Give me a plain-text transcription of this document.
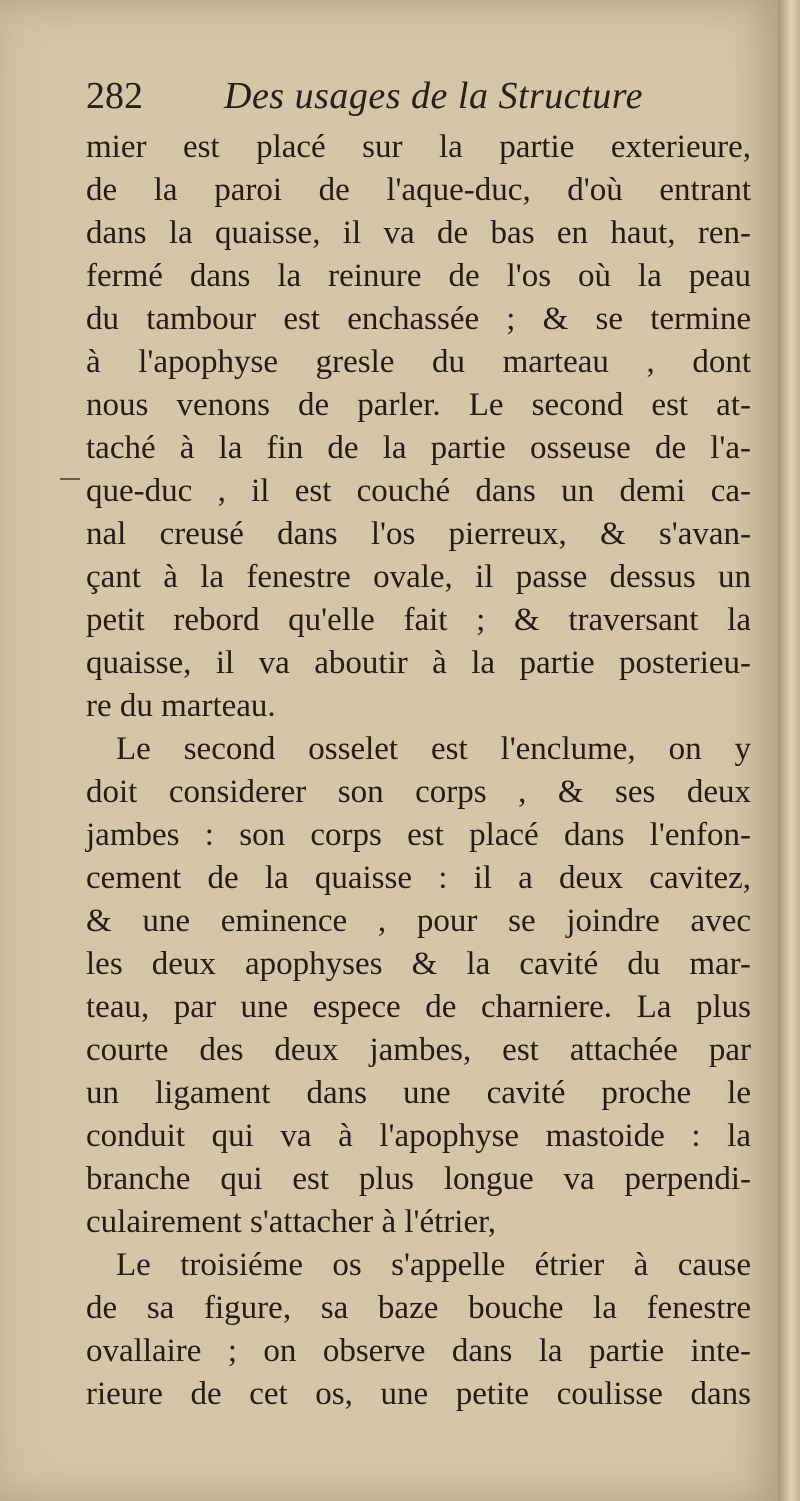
282 Des usages de la Structure
mier est placé sur la partie exterieure,
de la paroi de l'aque-duc, d'où entrant
dans la quaisse, il va de bas en haut, ren-
fermé dans la reinure de l'os où la peau
du tambour est enchassée ; & se termine
à l'apophyse gresle du marteau , dont
nous venons de parler. Le second est at-
taché à la fin de la partie osseuse de l'a-
que-duc , il est couché dans un demi ca-
nal creusé dans l'os pierreux, & s'avan-
çant à la fenestre ovale, il passe dessus un
petit rebord qu'elle fait ; & traversant la
quaisse, il va aboutir à la partie posterieu-
re du marteau.
Le second osselet est l'enclume, on y
doit considerer son corps , & ses deux
jambes : son corps est placé dans l'enfon-
cement de la quaisse : il a deux cavitez,
& une eminence , pour se joindre avec
les deux apophyses & la cavité du mar-
teau, par une espece de charniere. La plus
courte des deux jambes, est attachée par
un ligament dans une cavité proche le
conduit qui va à l'apophyse mastoide : la
branche qui est plus longue va perpendi-
culairement s'attacher à l'étrier,
Le troisiéme os s'appelle étrier à cause
de sa figure, sa baze bouche la fenestre
ovallaire ; on observe dans la partie inte-
rieure de cet os, une petite coulisse dans
